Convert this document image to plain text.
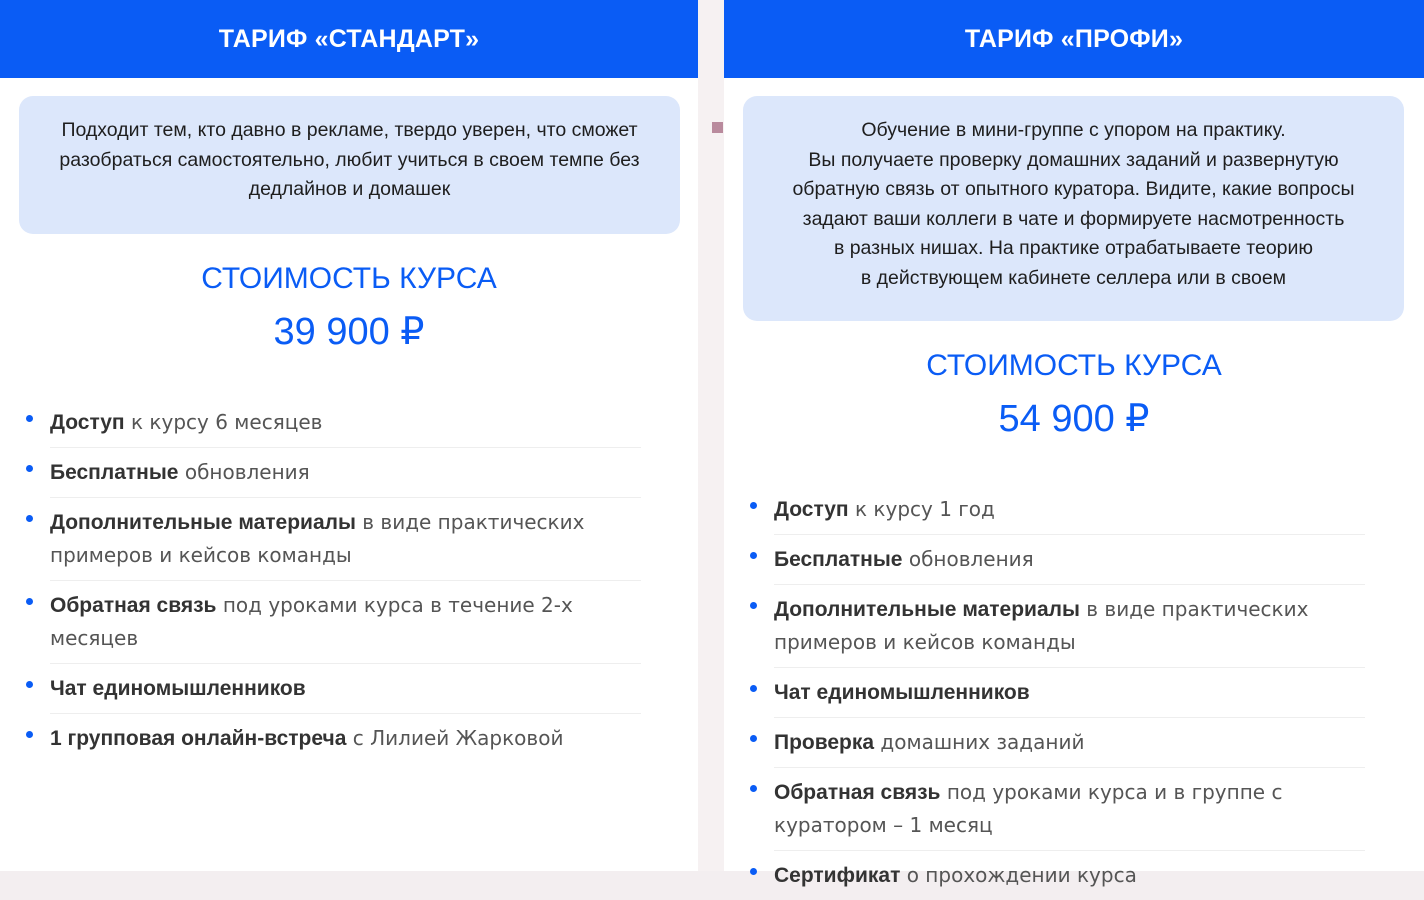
ТАРИФ «СТАНДАРТ»
Подходит тем, кто давно в рекламе, твердо уверен, что сможет
разобраться самостоятельно, любит учиться в своем темпе без
дедлайнов и домашек
СТОИМОСТЬ КУРСА
39 900 ₽
Доступ к курсу 6 месяцев
Бесплатные обновления
Дополнительные материалы в виде практических примеров и кейсов команды
Обратная связь под уроками курса в течение 2-х месяцев
Чат единомышленников
1 групповая онлайн-встреча с Лилией Жарковой
ТАРИФ «ПРОФИ»
Обучение в мини-группе с упором на практику.
Вы получаете проверку домашних заданий и развернутую
обратную связь от опытного куратора. Видите, какие вопросы
задают ваши коллеги в чате и формируете насмотренность
в разных нишах. На практике отрабатываете теорию
в действующем кабинете селлера или в своем
СТОИМОСТЬ КУРСА
54 900 ₽
Доступ к курсу 1 год
Бесплатные обновления
Дополнительные материалы в виде практических примеров и кейсов команды
Чат единомышленников
Проверка домашних заданий
Обратная связь под уроками курса и в группе с куратором – 1 месяц
Сертификат о прохождении курса
